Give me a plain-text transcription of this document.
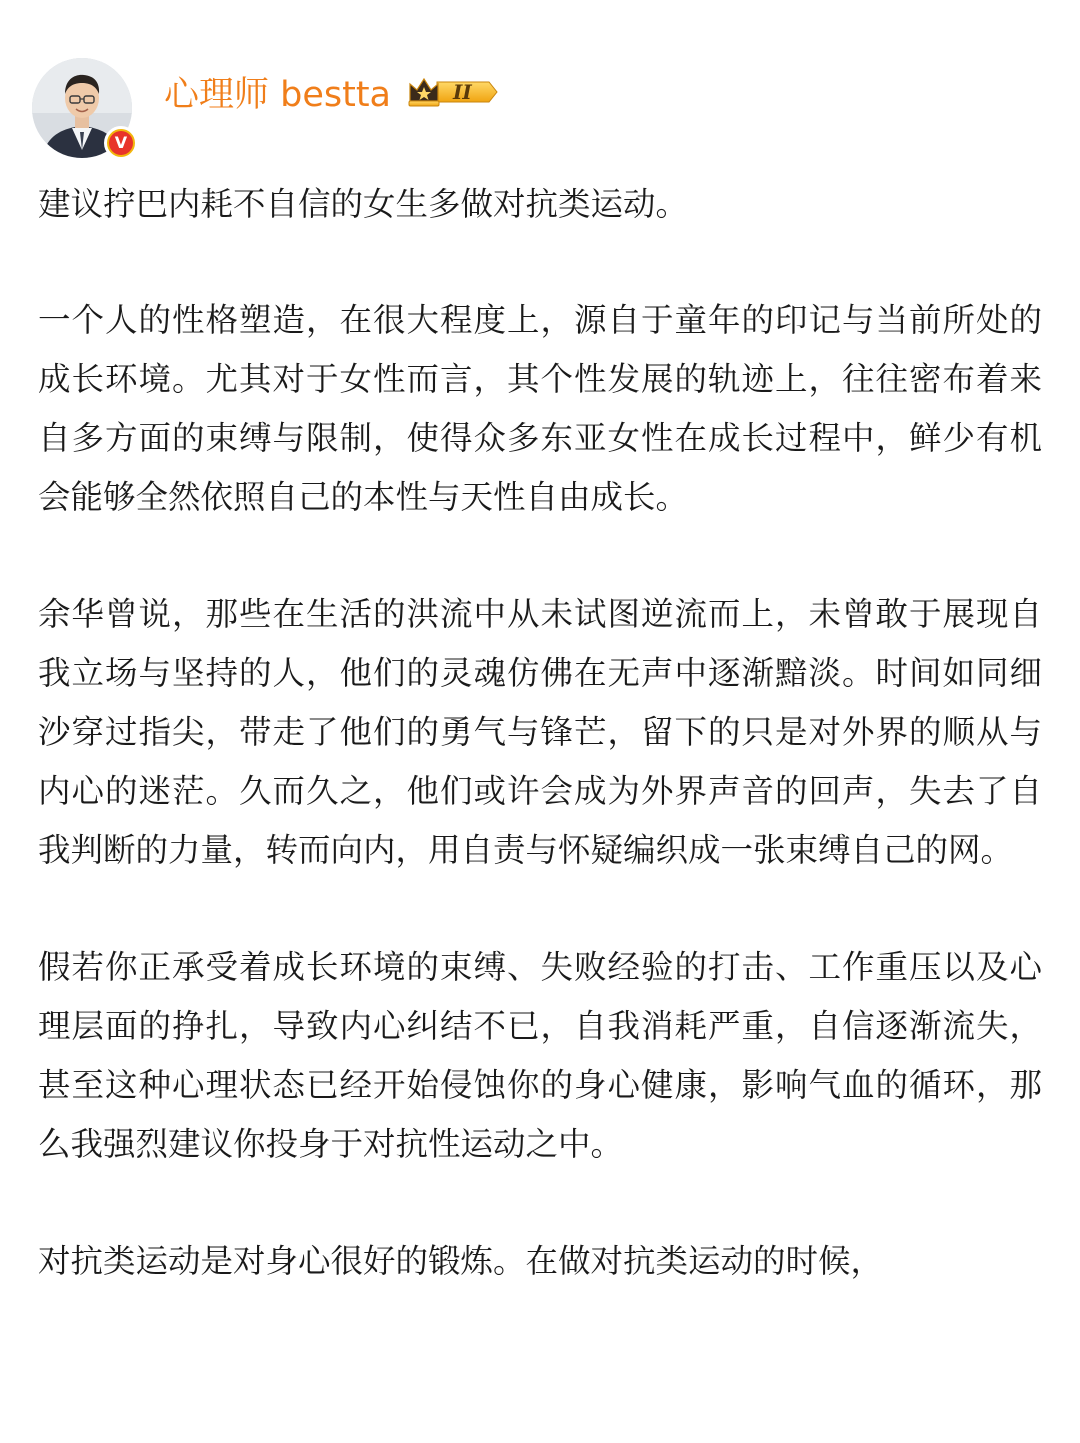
V
心理师 bestta	II

建议拧巴内耗不自信的女生多做对抗类运动。

一个人的性格塑造，在很大程度上，源自于童年的印记与当前所处的成长环境。尤其对于女性而言，其个性发展的轨迹上，往往密布着来自多方面的束缚与限制，使得众多东亚女性在成长过程中，鲜少有机会能够全然依照自己的本性与天性自由成长。

余华曾说，那些在生活的洪流中从未试图逆流而上，未曾敢于展现自我立场与坚持的人，他们的灵魂仿佛在无声中逐渐黯淡。时间如同细沙穿过指尖，带走了他们的勇气与锋芒，留下的只是对外界的顺从与内心的迷茫。久而久之，他们或许会成为外界声音的回声，失去了自我判断的力量，转而向内，用自责与怀疑编织成一张束缚自己的网。

假若你正承受着成长环境的束缚、失败经验的打击、工作重压以及心理层面的挣扎，导致内心纠结不已，自我消耗严重，自信逐渐流失，甚至这种心理状态已经开始侵蚀你的身心健康，影响气血的循环，那么我强烈建议你投身于对抗性运动之中。

对抗类运动是对身心很好的锻炼。在做对抗类运动的时候，
